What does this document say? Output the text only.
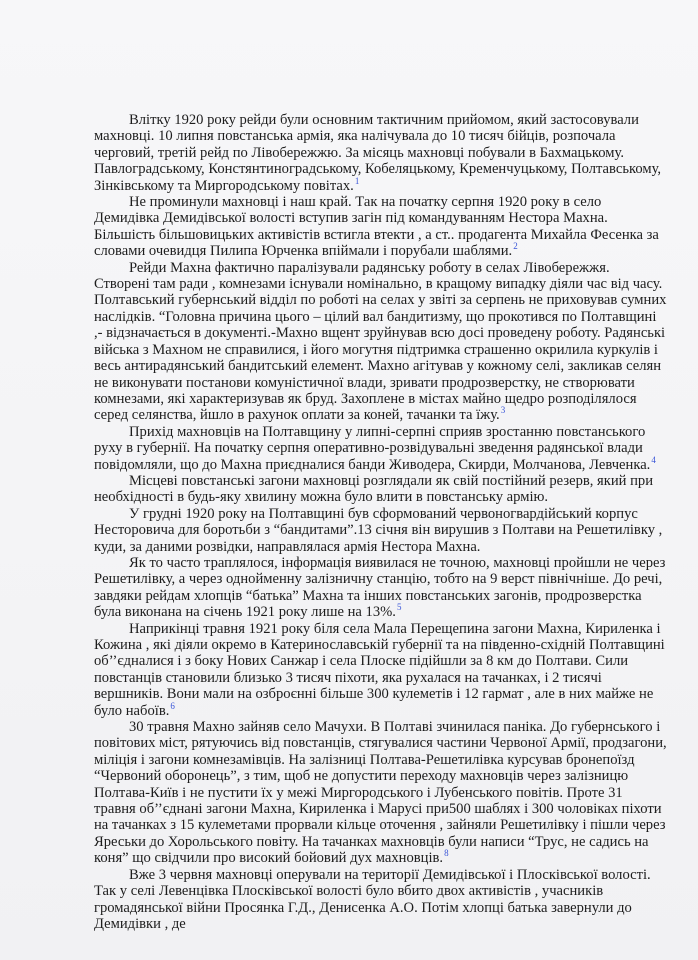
Влітку 1920 року рейди були основним тактичним прийомом, який застосовували махновці. 10 липня повстанська армія, яка налічувала до 10 тисяч бійців, розпочала черговий, третій рейд по Лівобережжю. За місяць махновці побували в Бахмацькому. Павлоградському, Констянтиноградському, Кобеляцькому, Кременчуцькому, Полтавському, Зінківському та Миргородському повітах.$^1$

Не проминули махновці і наш край. Так на початку серпня 1920 року в село Демидівка Демидівської волості вступив загін під командуванням Нестора Махна. Більшість більшовицьких активістів встигла втекти , а ст.. продагента Михайла Фесенка за словами очевидця Пилипа Юрченка впіймали і порубали шаблями.$^2$

Рейди Махна фактично паралізували радянську роботу в селах Лівобережжя. Створені там ради , комнезами існували номінально, в кращому випадку діяли час від часу. Полтавський губернський відділ по роботі на селах у звіті за серпень не приховував сумних наслідків. “Головна причина цього – цілий вал бандитизму, що прокотився по Полтавщині ,- відзначається в документі.-Махно вщент зруйнував всю досі проведену роботу. Радянські війська з Махном не справилися, і його могутня підтримка страшенно окрилила куркулів і весь антирадянський бандитський елемент. Махно агітував у кожному селі, закликав селян не виконувати постанови комуністичної влади, зривати продрозверстку, не створювати комнезами, які характеризував як бруд. Захоплене в містах майно щедро розподілялося серед селянства, йшло в рахунок оплати за коней, тачанки та їжу.$^3$

Прихід махновців на Полтавщину у липні-серпні сприяв зростанню повстанського руху в губернії. На початку серпня оперативно-розвідувальні зведення радянської влади повідомляли, що до Махна приєдналися банди Живодера, Скирди, Молчанова, Левченка.$^4$

Місцеві повстанські загони махновці розглядали як свій постійний резерв, який при необхідності в будь-яку хвилину можна було влити в повстанську армію.

У грудні 1920 року на Полтавщині був сформований червоногвардійський корпус Несторовича для боротьби з “бандитами”.13 січня він вирушив з Полтави на Решетилівку , куди, за даними розвідки, направлялася армія Нестора Махна.

Як то часто траплялося, інформація виявилася не точною, махновці пройшли не через Рeшетилівку, а через однойменну залізничну станцію, тобто на 9 верст північніше. До речі, завдяки рейдам хлопців “батька” Махна та інших повстанських загонів, продрозверстка була виконана на січень 1921 року лише на 13%.$^5$

Наприкінці травня 1921 року біля села Мала Перещепина загони Махна, Кириленка і Кожина , які діяли окремо в Катеринославській губернії та на південно-східній Полтавщині об’’єдналися і з боку Нових Санжар і села Плоске підійшли за 8 км до Полтави. Сили повстанців становили близько 3 тисяч піхоти, яка рухалася на тачанках, і 2 тисячі вершників. Вони мали на озброєнні більше 300 кулеметів і 12 гармат , але в них майже не було набоїв.$^6$

30 травня Махно зайняв село Мачухи. В Полтаві зчинилася паніка. До губернського і повітових міст, рятуючись від повстанців, стягувалися частини Червоної Армії, продзагони, міліція і загони комнезамівців. На залізниці Полтава-Решетилівка курсував бронепоїзд “Червоний оборонець”, з тим, щоб не допустити переходу махновців через залізницю Полтава-Київ і не пустити їх у межі Миргородського і Лубенського повітів. Проте 31 травня об’’єднані загони Махна, Кириленка і Марусі при500 шаблях і 300 чоловіках піхоти на тачанках з 15 кулеметами прорвали кільце оточення , зайняли Решетилівку і пішли через Яреськи до Хорольського повіту. На тачанках махновців були написи “Трус, не садись на коня” що свідчили про високий бойовий дух махновців.$^8$

Вже 3 червня махновці оперували на території Демидівської і Плосківської волості. Так у селі Левенцівка Плосківської волості було вбито двох активістів , учасників громадянської війни Просянка Г.Д., Денисенка А.О. Потім хлопці батька завернули до Демидівки , де
